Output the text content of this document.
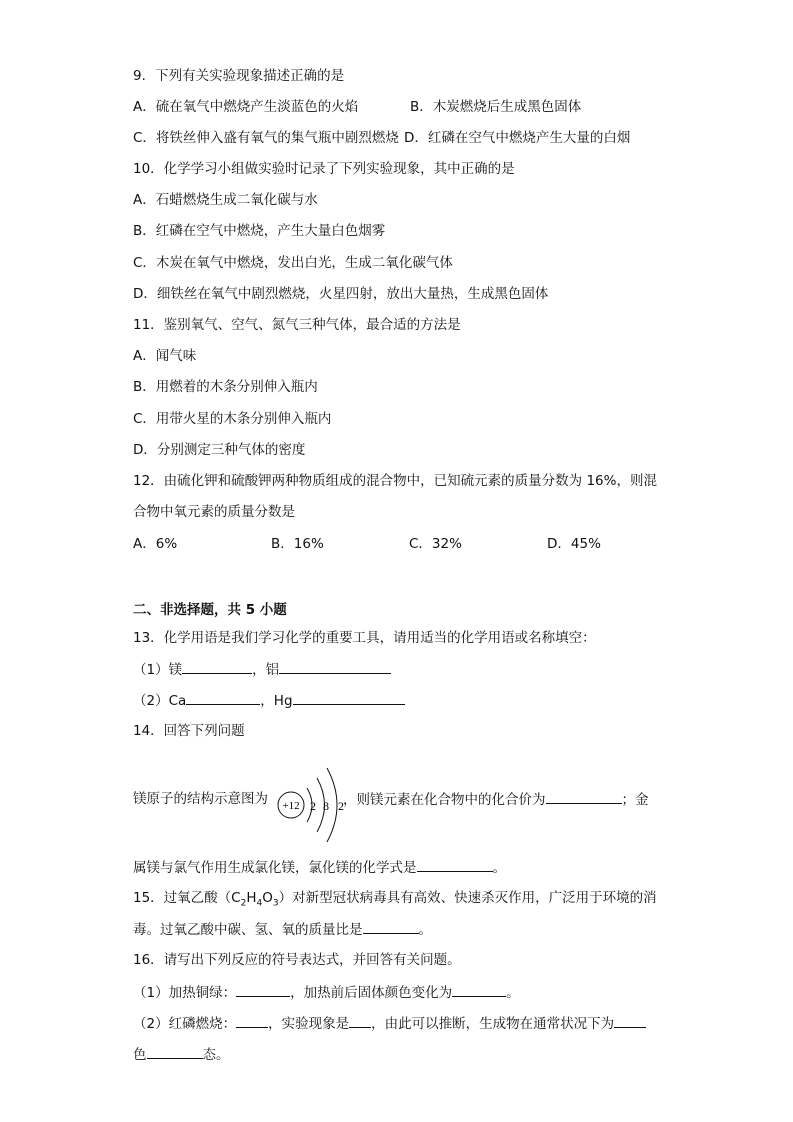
9．下列有关实验现象描述正确的是
A．硫在氧气中燃烧产生淡蓝色的火焰	B．木炭燃烧后生成黑色固体
C．将铁丝伸入盛有氧气的集气瓶中剧烈燃烧 D．红磷在空气中燃烧产生大量的白烟
10．化学学习小组做实验时记录了下列实验现象，其中正确的是
A．石蜡燃烧生成二氧化碳与水
B．红磷在空气中燃烧，产生大量白色烟雾
C．木炭在氧气中燃烧，发出白光，生成二氧化碳气体
D．细铁丝在氧气中剧烈燃烧，火星四射，放出大量热，生成黑色固体
11．鉴别氧气、空气、氮气三种气体，最合适的方法是
A．闻气味
B．用燃着的木条分别伸入瓶内
C．用带火星的木条分别伸入瓶内
D．分别测定三种气体的密度
12．由硫化钾和硫酸钾两种物质组成的混合物中，已知硫元素的质量分数为 16%，则混
合物中氧元素的质量分数是
A．6%	B．16%	C．32%	D．45%
二、非选择题，共 5 小题
13．化学用语是我们学习化学的重要工具，请用适当的化学用语或名称填空：
（1）镁	，铝
（2）Ca	，Hg
14．回答下列问题
镁原子的结构示意图为 +12 2 8 2 ，则镁元素在化合物中的化合价为	；金
属镁与氯气作用生成氯化镁，氯化镁的化学式是	。
15．过氧乙酸$(C_2H_4O_3)$对新型冠状病毒具有高效、快速杀灭作用，广泛用于环境的消
毒。过氧乙酸中碳、氢、氧的质量比是	。
16．请写出下列反应的符号表达式，并回答有关问题。
（1）加热铜绿：	，加热前后固体颜色变化为	。
（2）红磷燃烧： ，实验现象是 ，由此可以推断，生成物在通常状况下为
色	态。
